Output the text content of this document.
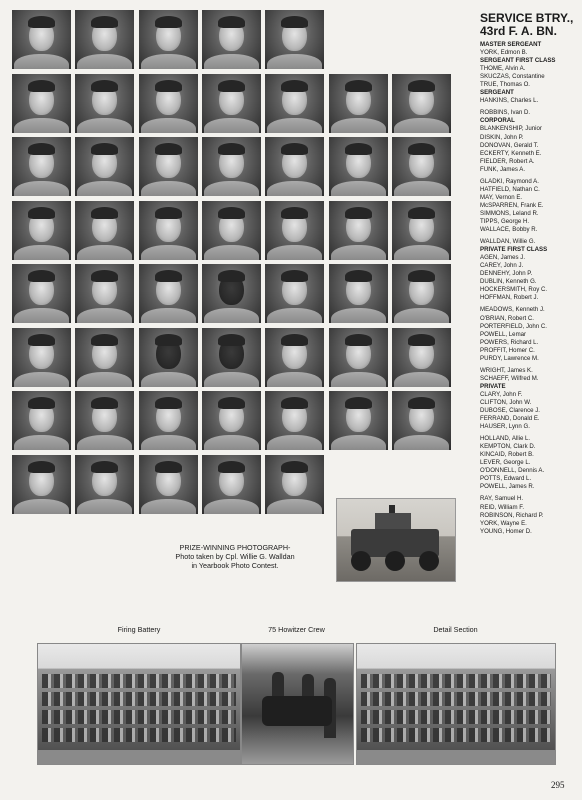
SERVICE BTRY.,
43rd F. A. BN.
MASTER SERGEANT
YORK, Edmon B.
SERGEANT FIRST CLASS
THOME, Alvin A.
SKUCZAS, Constantine
TRUE, Thomas O.
SERGEANT
HANKINS, Charles L.
ROBBINS, Ivan D.
CORPORAL
BLANKENSHIP, Junior
DISKIN, John P.
DONOVAN, Gerald T.
ECKERTY, Kenneth E.
FIELDER, Robert A.
FUNK, James A.
GLADKI, Raymond A.
HATFIELD, Nathan C.
MAY, Vernon E.
McSPARREN, Frank E.
SIMMONS, Leland R.
TIPPS, George H.
WALLACE, Bobby R.
WALLDAN, Willie G.
PRIVATE FIRST CLASS
AGEN, James J.
CAREY, John J.
DENNEHY, John P.
DUBLIN, Kenneth G.
HOCKERSMITH, Roy C.
HOFFMAN, Robert J.
MEADOWS, Kenneth J.
O'BRIAN, Robert C.
PORTERFIELD, John C.
POWELL, Lemar
POWERS, Richard L.
PROFFIT, Homer C.
PURDY, Lawrence M.
WRIGHT, James K.
SCHAEFF, Wilfred M.
PRIVATE
CLARY, John F.
CLIFTON, John W.
DUBOSE, Clarence J.
FERRAND, Donald E.
HAUSER, Lynn G.
HOLLAND, Allie L.
KEMPTON, Clark D.
KINCAID, Robert B.
LEVER, George L.
O'DONNELL, Dennis A.
POTTS, Edward L.
POWELL, James R.
RAY, Samuel H.
REID, William F.
ROBINSON, Richard P.
YORK, Wayne E.
YOUNG, Homer D.
PRIZE-WINNING PHOTOGRAPH-
Photo taken by Cpl. Willie G. Walldan
in Yearbook Photo Contest.
Firing Battery	75 Howitzer Crew	Detail Section
295
